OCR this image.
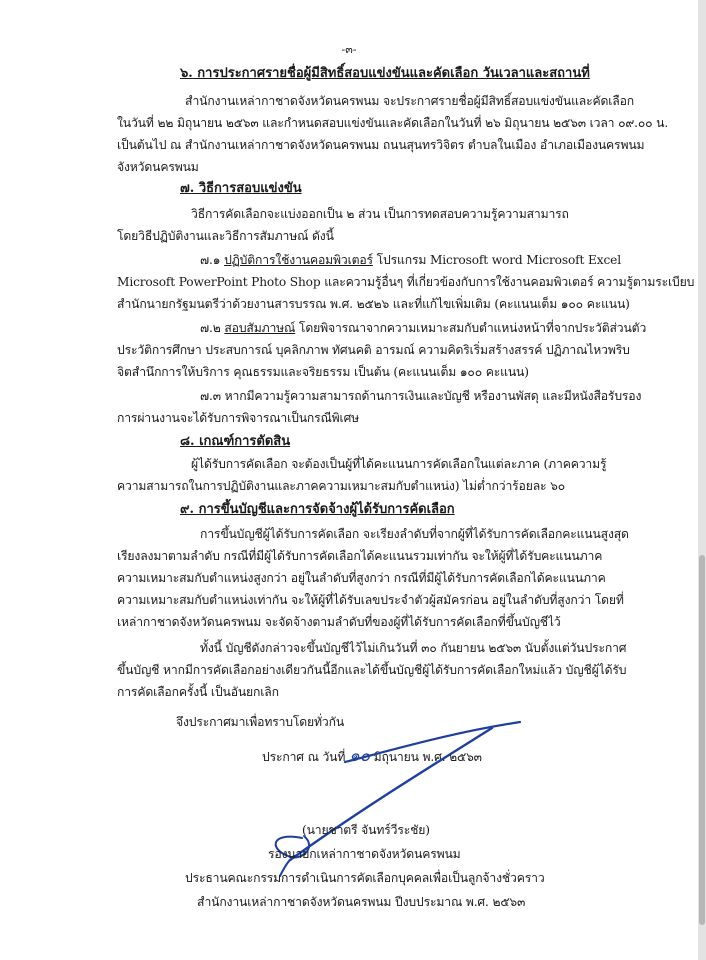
-๓-
๖. การประกาศรายชื่อผู้มีสิทธิ์สอบแข่งขันและคัดเลือก วันเวลาและสถานที่
สำนักงานเหล่ากาชาดจังหวัดนครพนม จะประกาศรายชื่อผู้มีสิทธิ์สอบแข่งขันและคัดเลือก
ในวันที่ ๒๒ มิถุนายน ๒๕๖๓ และกำหนดสอบแข่งขันและคัดเลือกในวันที่ ๒๖ มิถุนายน ๒๕๖๓ เวลา ๐๙.๐๐ น.
เป็นต้นไป ณ สำนักงานเหล่ากาชาดจังหวัดนครพนม ถนนสุนทรวิจิตร ตำบลในเมือง อำเภอเมืองนครพนม
จังหวัดนครพนม
๗. วิธีการสอบแข่งขัน
วิธีการคัดเลือกจะแบ่งออกเป็น ๒ ส่วน เป็นการทดสอบความรู้ความสามารถ
โดยวิธีปฏิบัติงานและวิธีการสัมภาษณ์ ดังนี้
๗.๑ ปฏิบัติการใช้งานคอมพิวเตอร์ โปรแกรม Microsoft word Microsoft Excel
Microsoft PowerPoint Photo Shop และความรู้อื่นๆ ที่เกี่ยวข้องกับการใช้งานคอมพิวเตอร์ ความรู้ตามระเบียบ
สำนักนายกรัฐมนตรีว่าด้วยงานสารบรรณ พ.ศ. ๒๕๒๖ และที่แก้ไขเพิ่มเติม (คะแนนเต็ม ๑๐๐ คะแนน)
๗.๒ สอบสัมภาษณ์ โดยพิจารณาจากความเหมาะสมกับตำแหน่งหน้าที่จากประวัติส่วนตัว
ประวัติการศึกษา ประสบการณ์ บุคลิกภาพ ทัศนคติ อารมณ์ ความคิดริเริ่มสร้างสรรค์ ปฏิภาณไหวพริบ
จิตสำนึกการให้บริการ คุณธรรมและจริยธรรม เป็นต้น (คะแนนเต็ม ๑๐๐ คะแนน)
๗.๓ หากมีความรู้ความสามารถด้านการเงินและบัญชี หรืองานพัสดุ และมีหนังสือรับรอง
การผ่านงานจะได้รับการพิจารณาเป็นกรณีพิเศษ
๘. เกณฑ์การตัดสิน
ผู้ได้รับการคัดเลือก จะต้องเป็นผู้ที่ได้คะแนนการคัดเลือกในแต่ละภาค (ภาคความรู้
ความสามารถในการปฏิบัติงานและภาคความเหมาะสมกับตำแหน่ง) ไม่ต่ำกว่าร้อยละ ๖๐
๙. การขึ้นบัญชีและการจัดจ้างผู้ได้รับการคัดเลือก
การขึ้นบัญชีผู้ได้รับการคัดเลือก จะเรียงลำดับที่จากผู้ที่ได้รับการคัดเลือกคะแนนสูงสุด
เรียงลงมาตามลำดับ กรณีที่มีผู้ได้รับการคัดเลือกได้คะแนนรวมเท่ากัน จะให้ผู้ที่ได้รับคะแนนภาค
ความเหมาะสมกับตำแหน่งสูงกว่า อยู่ในลำดับที่สูงกว่า กรณีที่มีผู้ได้รับการคัดเลือกได้คะแนนภาค
ความเหมาะสมกับตำแหน่งเท่ากัน จะให้ผู้ที่ได้รับเลขประจำตัวผู้สมัครก่อน อยู่ในลำดับที่สูงกว่า โดยที่
เหล่ากาชาดจังหวัดนครพนม จะจัดจ้างตามลำดับที่ของผู้ที่ได้รับการคัดเลือกที่ขึ้นบัญชีไว้
ทั้งนี้ บัญชีดังกล่าวจะขึ้นบัญชีไว้ไม่เกินวันที่ ๓๐ กันยายน ๒๕๖๓ นับตั้งแต่วันประกาศ
ขึ้นบัญชี หากมีการคัดเลือกอย่างเดียวกันนี้อีกและได้ขึ้นบัญชีผู้ได้รับการคัดเลือกใหม่แล้ว บัญชีผู้ได้รับ
การคัดเลือกครั้งนี้ เป็นอันยกเลิก
จึงประกาศมาเพื่อทราบโดยทั่วกัน
ประกาศ ณ วันที่ ๑๐ มิถุนายน พ.ศ. ๒๕๖๓
(นายชาตรี จันทร์วีระชัย)
รองนายกเหล่ากาชาดจังหวัดนครพนม
ประธานคณะกรรมการดำเนินการคัดเลือกบุคคลเพื่อเป็นลูกจ้างชั่วคราว
สำนักงานเหล่ากาชาดจังหวัดนครพนม ปีงบประมาณ พ.ศ. ๒๕๖๓
